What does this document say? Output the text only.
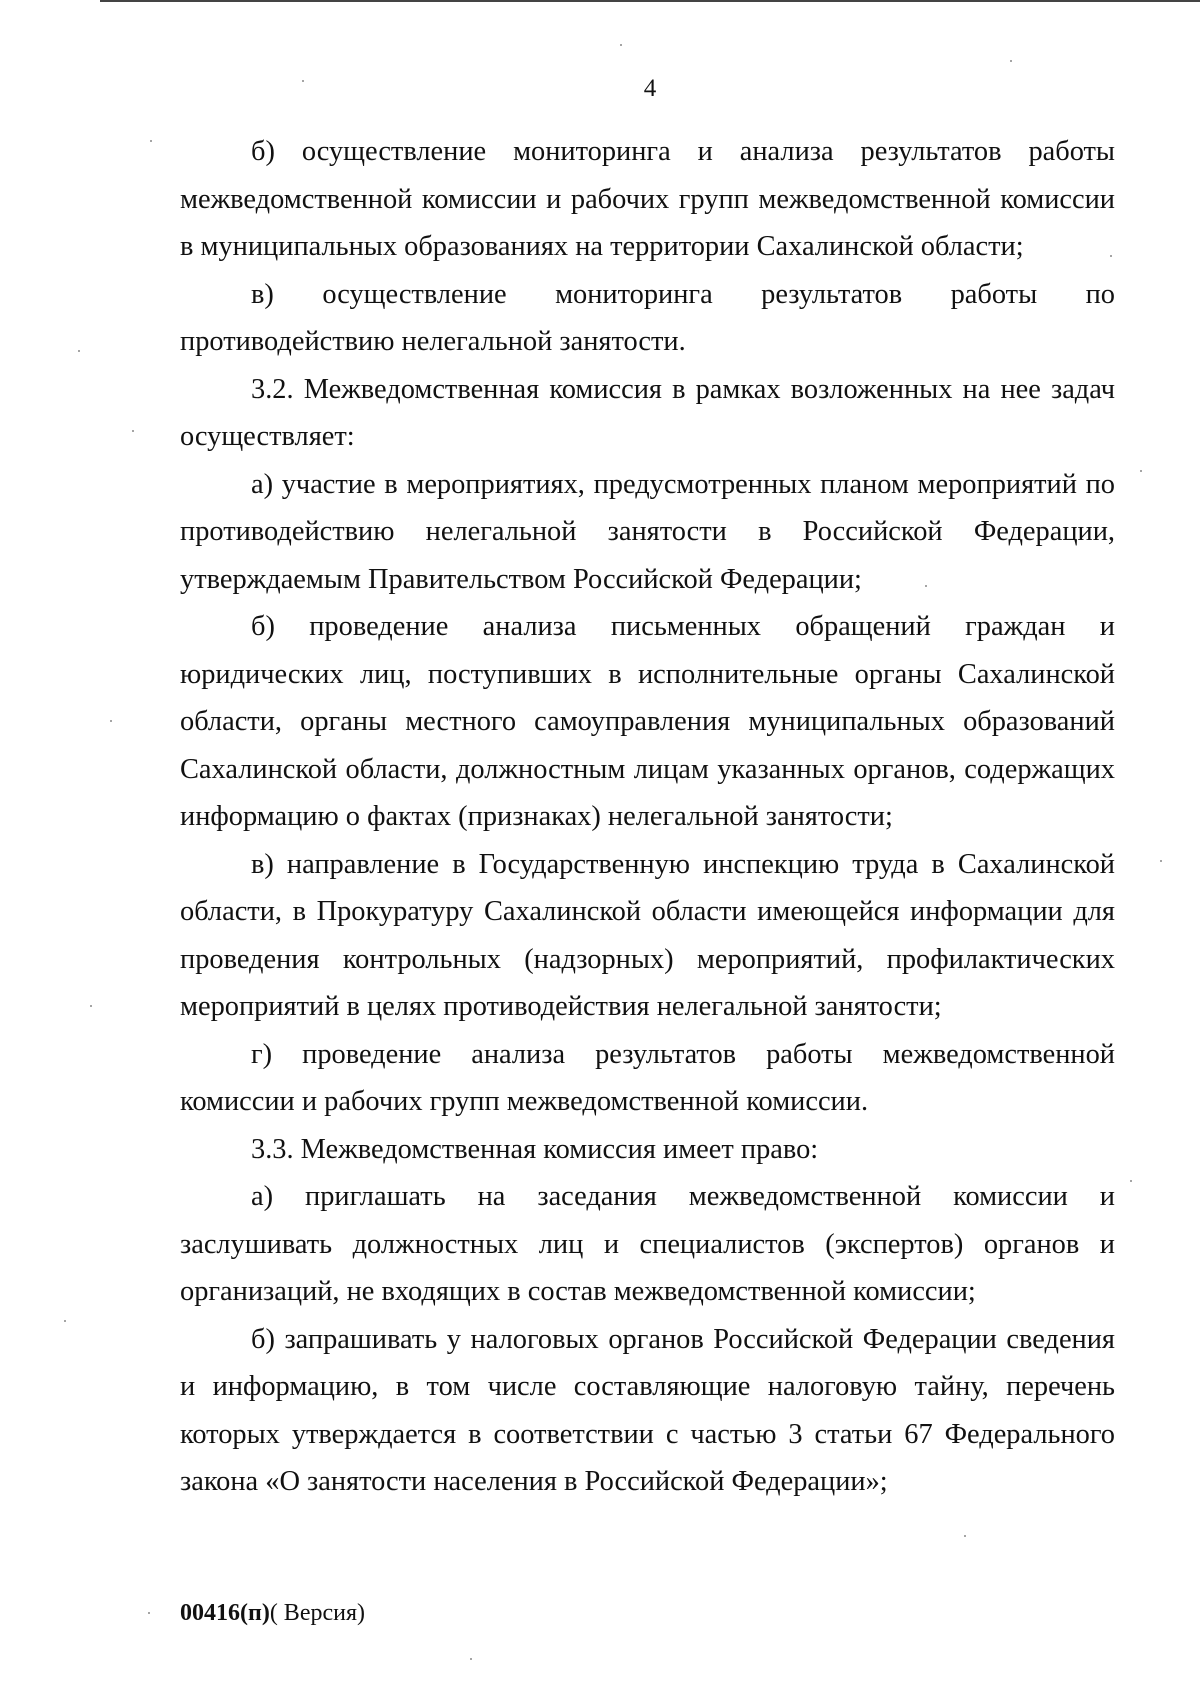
4

б) осуществление мониторинга и анализа результатов работы межведомственной комиссии и рабочих групп межведомственной комиссии в муниципальных образованиях на территории Сахалинской области;

в) осуществление мониторинга результатов работы по противодействию нелегальной занятости.

3.2. Межведомственная комиссия в рамках возложенных на нее задач осуществляет:

а) участие в мероприятиях, предусмотренных планом мероприятий по противодействию нелегальной занятости в Российской Федерации, утверждаемым Правительством Российской Федерации;

б) проведение анализа письменных обращений граждан и юридических лиц, поступивших в исполнительные органы Сахалинской области, органы местного самоуправления муниципальных образований Сахалинской области, должностным лицам указанных органов, содержащих информацию о фактах (признаках) нелегальной занятости;

в) направление в Государственную инспекцию труда в Сахалинской области, в Прокуратуру Сахалинской области имеющейся информации для проведения контрольных (надзорных) мероприятий, профилактических мероприятий в целях противодействия нелегальной занятости;

г) проведение анализа результатов работы межведомственной комиссии и рабочих групп межведомственной комиссии.

3.3. Межведомственная комиссия имеет право:

а) приглашать на заседания межведомственной комиссии и заслушивать должностных лиц и специалистов (экспертов) органов и организаций, не входящих в состав межведомственной комиссии;

б) запрашивать у налоговых органов Российской Федерации сведения и информацию, в том числе составляющие налоговую тайну, перечень которых утверждается в соответствии с частью 3 статьи 67 Федерального закона «О занятости населения в Российской Федерации»;

00416(п)( Версия)
